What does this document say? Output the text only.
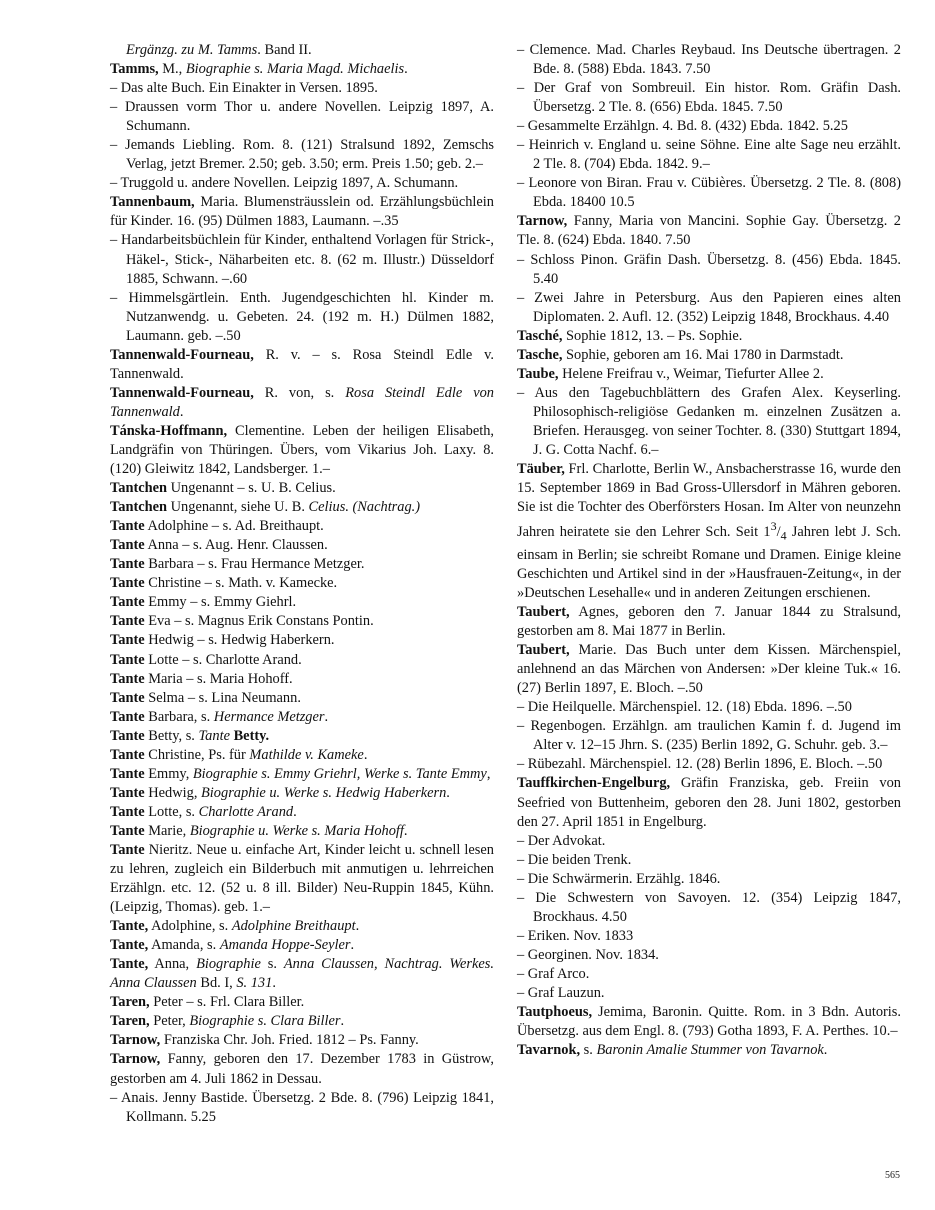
Ergänzg. zu M. Tamms. Band II.

Tamms, M., Biographie s. Maria Magd. Michaelis.

– Das alte Buch. Ein Einakter in Versen. 1895.

– Draussen vorm Thor u. andere Novellen. Leipzig 1897, A. Schumann.

– Jemands Liebling. Rom. 8. (121) Stralsund 1892, Zemschs Verlag, jetzt Bremer. 2.50; geb. 3.50; erm. Preis 1.50; geb. 2.–

– Truggold u. andere Novellen. Leipzig 1897, A. Schumann.

Tannenbaum, Maria. Blumensträusslein od. Erzählungsbüchlein für Kinder. 16. (95) Dülmen 1883, Laumann. –.35

– Handarbeitsbüchlein für Kinder, enthaltend Vorlagen für Strick-, Häkel-, Stick-, Näharbeiten etc. 8. (62 m. Illustr.) Düsseldorf 1885, Schwann. –.60

– Himmelsgärtlein. Enth. Jugendgeschichten hl. Kinder m. Nutzanwendg. u. Gebeten. 24. (192 m. H.) Dülmen 1882, Laumann. geb. –.50

Tannenwald-Fourneau, R. v. – s. Rosa Steindl Edle v. Tannenwald.

Tannenwald-Fourneau, R. von, s. Rosa Steindl Edle von Tannenwald.

Tánska-Hoffmann, Clementine. Leben der heiligen Elisabeth, Landgräfin von Thüringen. Übers, vom Vikarius Joh. Laxy. 8. (120) Gleiwitz 1842, Landsberger. 1.–

Tantchen Ungenannt – s. U. B. Celius.

Tantchen Ungenannt, siehe U. B. Celius. (Nachtrag.)

Tante Adolphine – s. Ad. Breithaupt.

Tante Anna – s. Aug. Henr. Claussen.

Tante Barbara – s. Frau Hermance Metzger.

Tante Christine – s. Math. v. Kamecke.

Tante Emmy – s. Emmy Giehrl.

Tante Eva – s. Magnus Erik Constans Pontin.

Tante Hedwig – s. Hedwig Haberkern.

Tante Lotte – s. Charlotte Arand.

Tante Maria – s. Maria Hohoff.

Tante Selma – s. Lina Neumann.

Tante Barbara, s. Hermance Metzger.

Tante Betty, s. Tante Betty.

Tante Christine, Ps. für Mathilde v. Kameke.

Tante Emmy, Biographie s. Emmy Griehrl, Werke s. Tante Emmy,

Tante Hedwig, Biographie u. Werke s. Hedwig Haberkern.

Tante Lotte, s. Charlotte Arand.

Tante Marie, Biographie u. Werke s. Maria Hohoff.

Tante Nieritz. Neue u. einfache Art, Kinder leicht u. schnell lesen zu lehren, zugleich ein Bilderbuch mit anmutigen u. lehrreichen Erzählgn. etc. 12. (52 u. 8 ill. Bilder) Neu-Ruppin 1845, Kühn. (Leipzig, Thomas). geb. 1.–

Tante, Adolphine, s. Adolphine Breithaupt.

Tante, Amanda, s. Amanda Hoppe-Seyler.

Tante, Anna, Biographie s. Anna Claussen, Nachtrag. Werkes. Anna Claussen Bd. I, S. 131.

Taren, Peter – s. Frl. Clara Biller.

Taren, Peter, Biographie s. Clara Biller.

Tarnow, Franziska Chr. Joh. Fried. 1812 – Ps. Fanny.

Tarnow, Fanny, geboren den 17. Dezember 1783 in Güstrow, gestorben am 4. Juli 1862 in Dessau.

– Anais. Jenny Bastide. Übersetzg. 2 Bde. 8. (796) Leipzig 1841, Kollmann. 5.25

– Clemence. Mad. Charles Reybaud. Ins Deutsche übertragen. 2 Bde. 8. (588) Ebda. 1843. 7.50

– Der Graf von Sombreuil. Ein histor. Rom. Gräfin Dash. Übersetzg. 2 Tle. 8. (656) Ebda. 1845. 7.50

– Gesammelte Erzählgn. 4. Bd. 8. (432) Ebda. 1842. 5.25

– Heinrich v. England u. seine Söhne. Eine alte Sage neu erzählt. 2 Tle. 8. (704) Ebda. 1842. 9.–

– Leonore von Biran. Frau v. Cübières. Übersetzg. 2 Tle. 8. (808) Ebda. 18400 10.5

Tarnow, Fanny, Maria von Mancini. Sophie Gay. Übersetzg. 2 Tle. 8. (624) Ebda. 1840. 7.50

– Schloss Pinon. Gräfin Dash. Übersetzg. 8. (456) Ebda. 1845. 5.40

– Zwei Jahre in Petersburg. Aus den Papieren eines alten Diplomaten. 2. Aufl. 12. (352) Leipzig 1848, Brockhaus. 4.40

Tasché, Sophie 1812, 13. – Ps. Sophie.

Tasche, Sophie, geboren am 16. Mai 1780 in Darmstadt.

Taube, Helene Freifrau v., Weimar, Tiefurter Allee 2.

– Aus den Tagebuchblättern des Grafen Alex. Keyserling. Philosophisch-religiöse Gedanken m. einzelnen Zusätzen a. Briefen. Herausgeg. von seiner Tochter. 8. (330) Stuttgart 1894, J. G. Cotta Nachf. 6.–

Täuber, Frl. Charlotte, Berlin W., Ansbacherstrasse 16, wurde den 15. September 1869 in Bad Gross-Ullersdorf in Mähren geboren. Sie ist die Tochter des Oberförsters Hosan. Im Alter von neunzehn Jahren heiratete sie den Lehrer Sch. Seit $1^3/_4$ Jahren lebt J. Sch. einsam in Berlin; sie schreibt Romane und Dramen. Einige kleine Geschichten und Artikel sind in der »Hausfrauen-Zeitung«, in der »Deutschen Lesehalle« und in anderen Zeitungen erschienen.

Taubert, Agnes, geboren den 7. Januar 1844 zu Stralsund, gestorben am 8. Mai 1877 in Berlin.

Taubert, Marie. Das Buch unter dem Kissen. Märchenspiel, anlehnend an das Märchen von Andersen: »Der kleine Tuk.« 16. (27) Berlin 1897, E. Bloch. –.50

– Die Heilquelle. Märchenspiel. 12. (18) Ebda. 1896. –.50

– Regenbogen. Erzählgn. am traulichen Kamin f. d. Jugend im Alter v. 12–15 Jhrn. S. (235) Berlin 1892, G. Schuhr. geb. 3.–

– Rübezahl. Märchenspiel. 12. (28) Berlin 1896, E. Bloch. –.50

Tauffkirchen-Engelburg, Gräfin Franziska, geb. Freiin von Seefried von Buttenheim, geboren den 28. Juni 1802, gestorben den 27. April 1851 in Engelburg.

– Der Advokat.

– Die beiden Trenk.

– Die Schwärmerin. Erzählg. 1846.

– Die Schwestern von Savoyen. 12. (354) Leipzig 1847, Brockhaus. 4.50

– Eriken. Nov. 1833

– Georginen. Nov. 1834.

– Graf Arco.

– Graf Lauzun.

Tautphoeus, Jemima, Baronin. Quitte. Rom. in 3 Bdn. Autoris. Übersetzg. aus dem Engl. 8. (793) Gotha 1893, F. A. Perthes. 10.–

Tavarnok, s. Baronin Amalie Stummer von Tavarnok.

565
